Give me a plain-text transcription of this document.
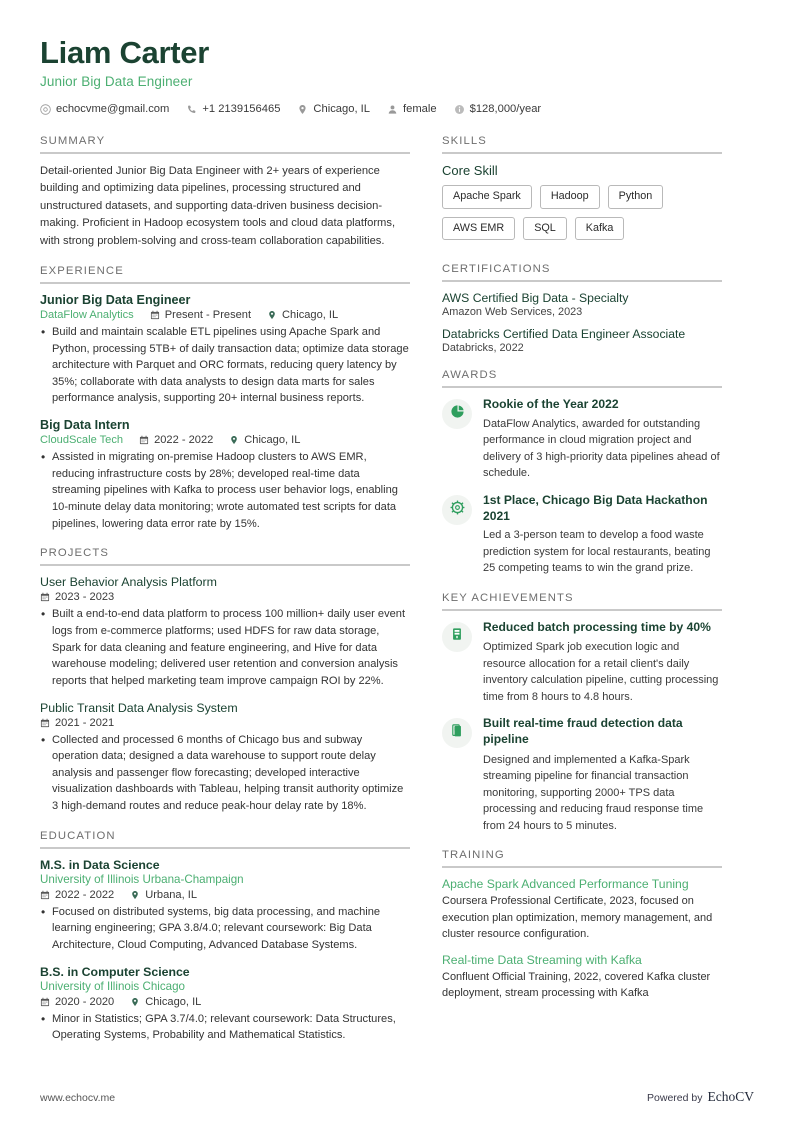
Liam Carter
Junior Big Data Engineer
echocvme@gmail.com	+1 2139156465	Chicago, IL	female	$128,000/year
SUMMARY
Detail-oriented Junior Big Data Engineer with 2+ years of experience building and optimizing data pipelines, processing structured and unstructured datasets, and supporting data-driven business decision-making. Proficient in Hadoop ecosystem tools and cloud data platforms, with strong problem-solving and cross-team collaboration capabilities.
EXPERIENCE
Junior Big Data Engineer
DataFlow Analytics	Present - Present	Chicago, IL
• Build and maintain scalable ETL pipelines using Apache Spark and Python, processing 5TB+ of daily transaction data; optimize data storage architecture with Parquet and ORC formats, reducing query latency by 35%; collaborate with data analysts to design data marts for sales performance analysis, supporting 20+ internal business reports.
Big Data Intern
CloudScale Tech	2022 - 2022	Chicago, IL
• Assisted in migrating on-premise Hadoop clusters to AWS EMR, reducing infrastructure costs by 28%; developed real-time data streaming pipelines with Kafka to process user behavior logs, enabling 10-minute delay data monitoring; wrote automated test scripts for data pipelines, lowering data error rate by 15%.
PROJECTS
User Behavior Analysis Platform
2023 - 2023
• Built a end-to-end data platform to process 100 million+ daily user event logs from e-commerce platforms; used HDFS for raw data storage, Spark for data cleaning and feature engineering, and Hive for data warehouse modeling; delivered user retention and conversion analysis reports that helped marketing team improve campaign ROI by 22%.
Public Transit Data Analysis System
2021 - 2021
• Collected and processed 6 months of Chicago bus and subway operation data; designed a data warehouse to support route delay analysis and passenger flow forecasting; developed interactive visualization dashboards with Tableau, helping transit authority optimize 3 high-demand routes and reduce peak-hour delay rate by 18%.
EDUCATION
M.S. in Data Science
University of Illinois Urbana-Champaign
2022 - 2022	Urbana, IL
• Focused on distributed systems, big data processing, and machine learning engineering; GPA 3.8/4.0; relevant coursework: Big Data Architecture, Cloud Computing, Advanced Database Systems.
B.S. in Computer Science
University of Illinois Chicago
2020 - 2020	Chicago, IL
• Minor in Statistics; GPA 3.7/4.0; relevant coursework: Data Structures, Operating Systems, Probability and Mathematical Statistics.
SKILLS
Core Skill
Apache Spark	Hadoop	Python
AWS EMR	SQL	Kafka
CERTIFICATIONS
AWS Certified Big Data - Specialty
Amazon Web Services, 2023
Databricks Certified Data Engineer Associate
Databricks, 2022
AWARDS
Rookie of the Year 2022
DataFlow Analytics, awarded for outstanding performance in cloud migration project and delivery of 3 high-priority data pipelines ahead of schedule.
1st Place, Chicago Big Data Hackathon 2021
Led a 3-person team to develop a food waste prediction system for local restaurants, beating 25 competing teams to win the grand prize.
KEY ACHIEVEMENTS
Reduced batch processing time by 40%
Optimized Spark job execution logic and resource allocation for a retail client's daily inventory calculation pipeline, cutting processing time from 8 hours to 4.8 hours.
Built real-time fraud detection data pipeline
Designed and implemented a Kafka-Spark streaming pipeline for financial transaction monitoring, supporting 2000+ TPS data processing and reducing fraud response time from 24 hours to 5 minutes.
TRAINING
Apache Spark Advanced Performance Tuning
Coursera Professional Certificate, 2023, focused on execution plan optimization, memory management, and cluster resource configuration.
Real-time Data Streaming with Kafka
Confluent Official Training, 2022, covered Kafka cluster deployment, stream processing with Kafka
www.echocv.me	Powered by EchoCV
